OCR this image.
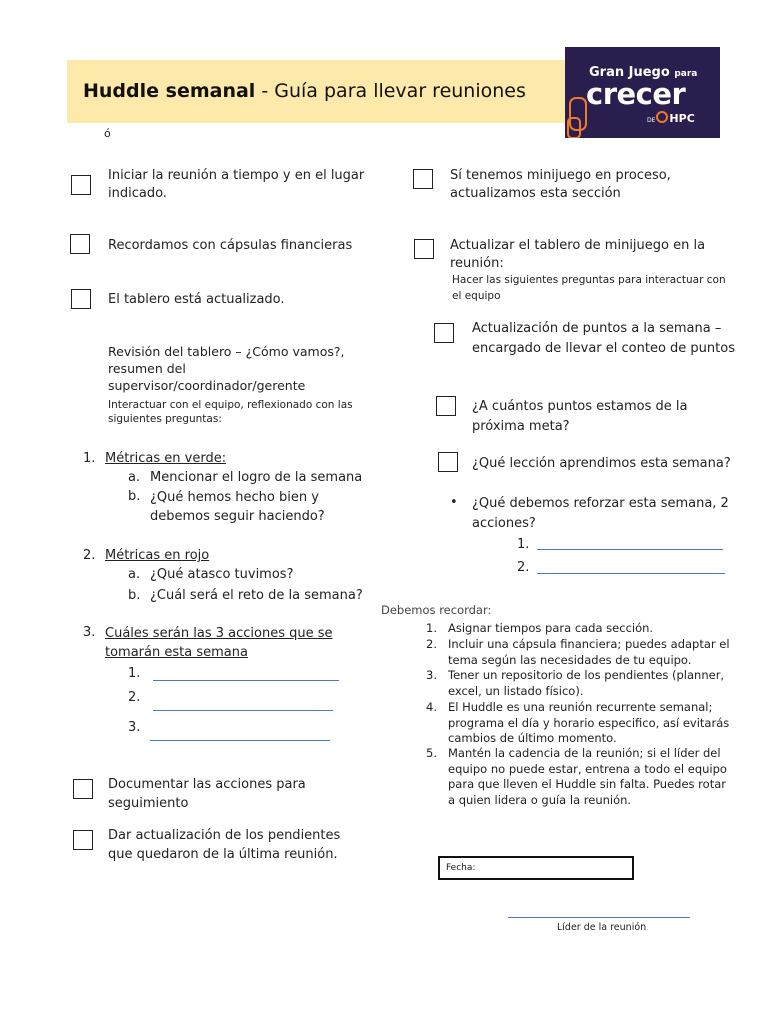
Huddle semanal - Guía para llevar reuniones
Gran Juego para
crecer
DE HPC
ó
Iniciar la reunión a tiempo y en el lugar indicado.
Recordamos con cápsulas financieras
El tablero está actualizado.
Revisión del tablero – ¿Cómo vamos?, resumen del supervisor/coordinador/gerente
Interactuar con el equipo, reflexionado con las siguientes preguntas:
1. Métricas en verde:
a. Mencionar el logro de la semana
b. ¿Qué hemos hecho bien y debemos seguir haciendo?
2. Métricas en rojo
a. ¿Qué atasco tuvimos?
b. ¿Cuál será el reto de la semana?
3. Cuáles serán las 3 acciones que se tomarán esta semana
1.
2.
3.
Documentar las acciones para seguimiento
Dar actualización de los pendientes que quedaron de la última reunión.
Sí tenemos minijuego en proceso, actualizamos esta sección
Actualizar el tablero de minijuego en la reunión:
Hacer las siguientes preguntas para interactuar con el equipo
Actualización de puntos a la semana – encargado de llevar el conteo de puntos
¿A cuántos puntos estamos de la próxima meta?
¿Qué lección aprendimos esta semana?
• ¿Qué debemos reforzar esta semana, 2 acciones?
1.
2.
Debemos recordar:
1. Asignar tiempos para cada sección.
2. Incluir una cápsula financiera; puedes adaptar el tema según las necesidades de tu equipo.
3. Tener un repositorio de los pendientes (planner, excel, un listado físico).
4. El Huddle es una reunión recurrente semanal; programa el día y horario especifico, así evitarás cambios de último momento.
5. Mantén la cadencia de la reunión; si el líder del equipo no puede estar, entrena a todo el equipo para que lleven el Huddle sin falta. Puedes rotar a quien lidera o guía la reunión.
Fecha:
Líder de la reunión
